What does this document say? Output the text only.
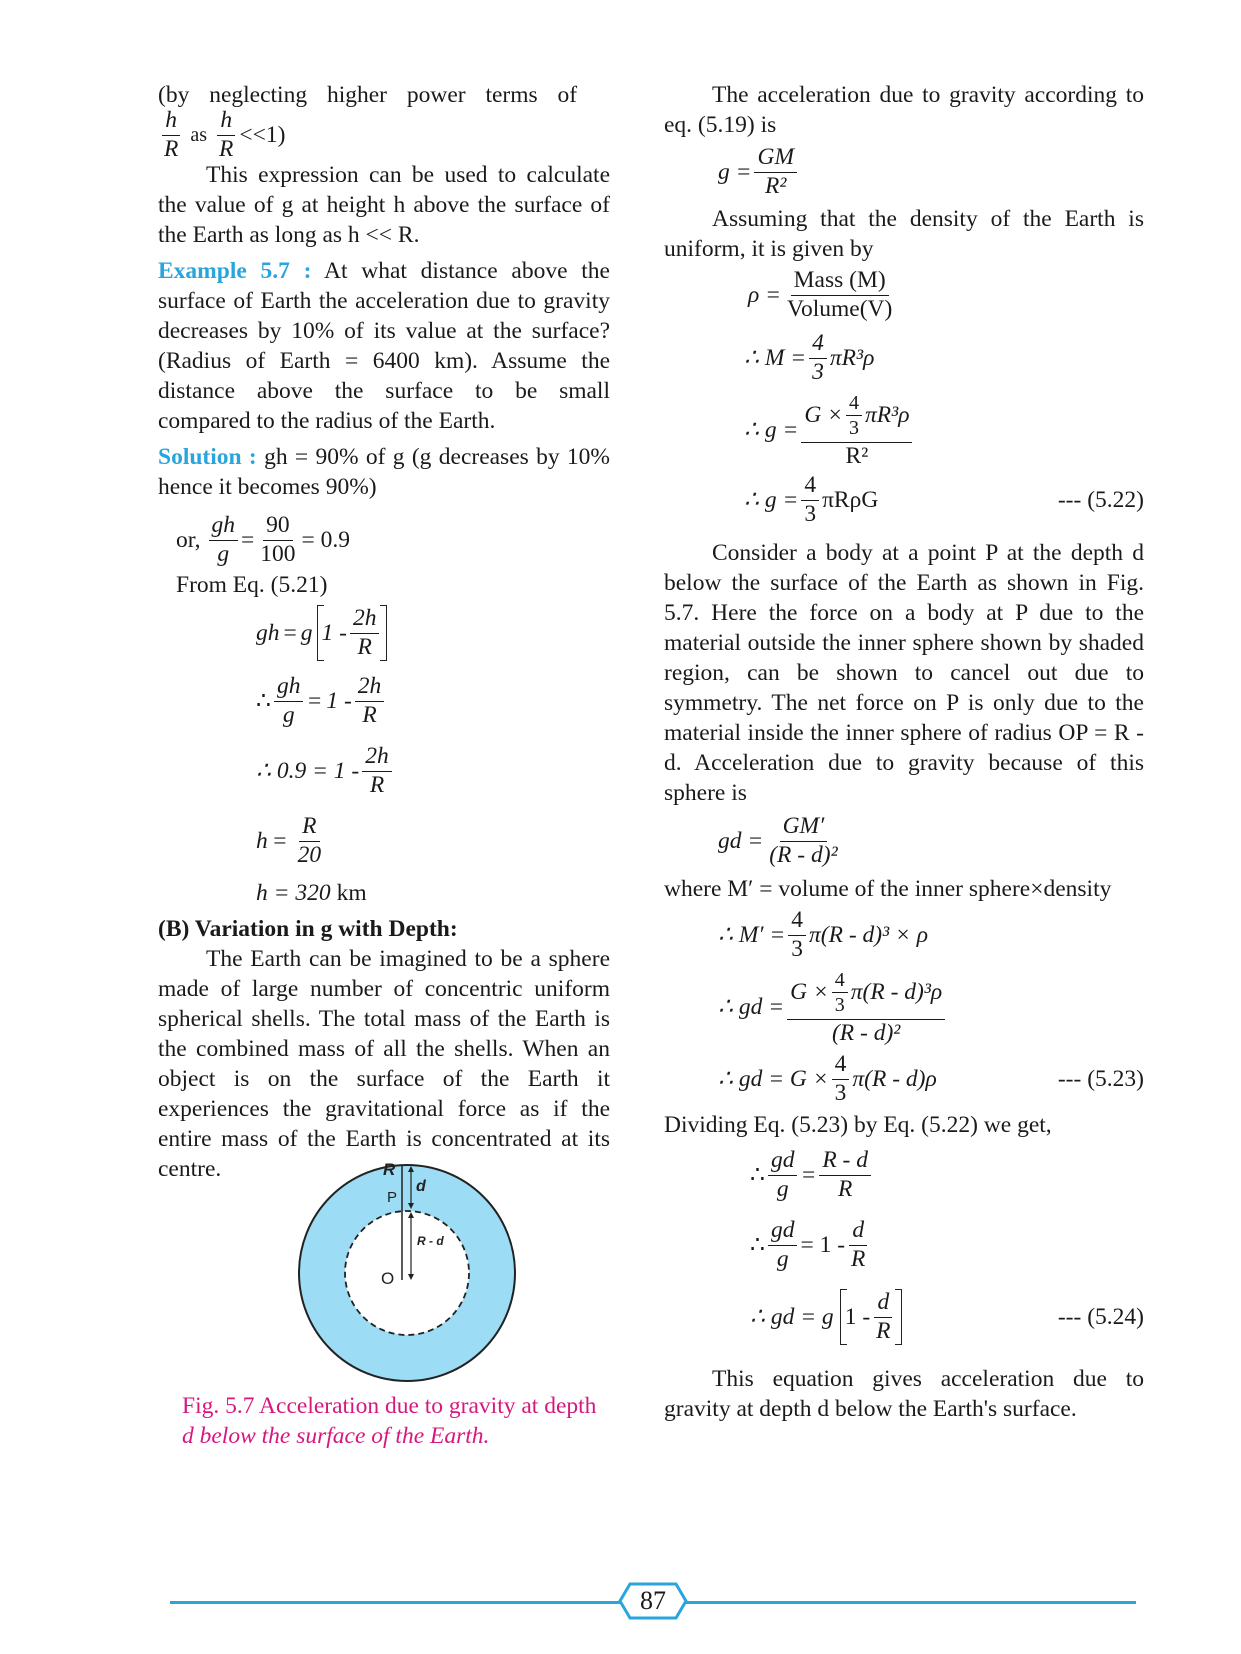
(by neglecting higher power terms of

$\frac{h}{R}$ as $\frac{h}{R} <<1$)

This expression can be used to calculate the value of g at height h above the surface of the Earth as long as h << R.

Example 5.7 : At what distance above the surface of Earth the acceleration due to gravity decreases by 10% of its value at the surface? (Radius of Earth = 6400 km). Assume the distance above the surface to be small compared to the radius of the Earth.

Solution : gh = 90% of g (g decreases by 10% hence it becomes 90%)

or, $\frac{gh}{g} = \frac{90}{100} = 0.9$

From Eq. (5.21)

gh = g $1 - \frac{2h}{R}$
∴ $\frac{gh}{g} = 1 - \frac{2h}{R}$
∴ $0.9 = 1 - \frac{2h}{R}$
$h = \frac{R}{20}$
h = 320 km

(B) Variation in g with Depth:

The Earth can be imagined to be a sphere made of large number of concentric uniform spherical shells. The total mass of the Earth is the combined mass of all the shells. When an object is on the surface of the Earth it experiences the gravitational force as if the entire mass of the Earth is concentrated at its centre.	R
d
P
R - d
O

Fig. 5.7 Acceleration due to gravity at depth

d below the surface of the Earth.

The acceleration due to gravity according to eq. (5.19) is

$g = \frac{GM}{\text{R²}}$

Assuming that the density of the Earth is uniform, it is given by

$\rho = \frac{\text{Mass (M)}}{\text{Volume(V)}}$
∴ $M = \frac{4}{3} \pi R^3\rho$
∴ $g = \frac{G \times \frac{4}{3} \pi R^3\rho}{\text{R²}}$
∴ $g = \frac{4}{3}$ πRρG	--- (5.22)

Consider a body at a point P at the depth d below the surface of the Earth as shown in Fig. 5.7. Here the force on a body at P due to the material outside the inner sphere shown by shaded region, can be shown to cancel out due to symmetry. The net force on P is only due to the material inside the inner sphere of radius OP = R - d. Acceleration due to gravity because of this sphere is

gd = $\frac{GM'}{\text{(R - d)²}}$

where M′ = volume of the inner sphere×density

∴ $M' = \frac{4}{3} \pi(R - d)^3 \times \rho$
∴ gd = $\frac{G \times \frac{4}{3} \pi(R - d)^3\rho}{\text{(R - d)²}}$
∴ gd = $G \times \frac{4}{3} \pi(R - d)\rho$	--- (5.23)

Dividing Eq. (5.23) by Eq. (5.22) we get,

∴ $\frac{gd}{g} = \frac{R - d}{R}$
∴ $\frac{gd}{g} = 1 - \frac{d}{R}$
∴ gd = g $1 - \frac{d}{R}$	--- (5.24)

This equation gives acceleration due to gravity at depth d below the Earth's surface.

87
